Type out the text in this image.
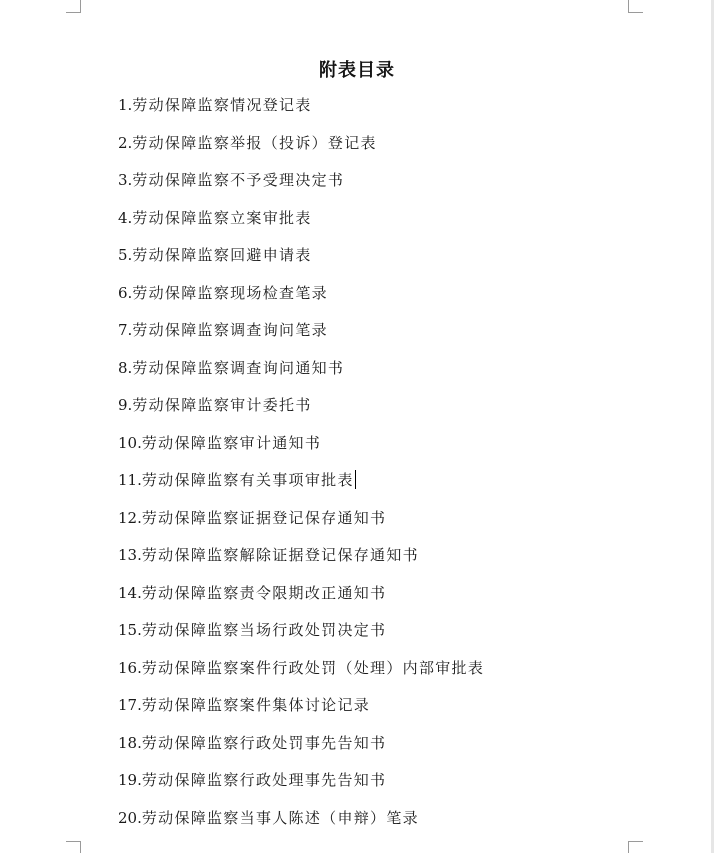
附表目录
1.劳动保障监察情况登记表
2.劳动保障监察举报（投诉）登记表
3.劳动保障监察不予受理决定书
4.劳动保障监察立案审批表
5.劳动保障监察回避申请表
6.劳动保障监察现场检查笔录
7.劳动保障监察调查询问笔录
8.劳动保障监察调查询问通知书
9.劳动保障监察审计委托书
10.劳动保障监察审计通知书
11.劳动保障监察有关事项审批表
12.劳动保障监察证据登记保存通知书
13.劳动保障监察解除证据登记保存通知书
14.劳动保障监察责令限期改正通知书
15.劳动保障监察当场行政处罚决定书
16.劳动保障监察案件行政处罚（处理）内部审批表
17.劳动保障监察案件集体讨论记录
18.劳动保障监察行政处罚事先告知书
19.劳动保障监察行政处理事先告知书
20.劳动保障监察当事人陈述（申辩）笔录
